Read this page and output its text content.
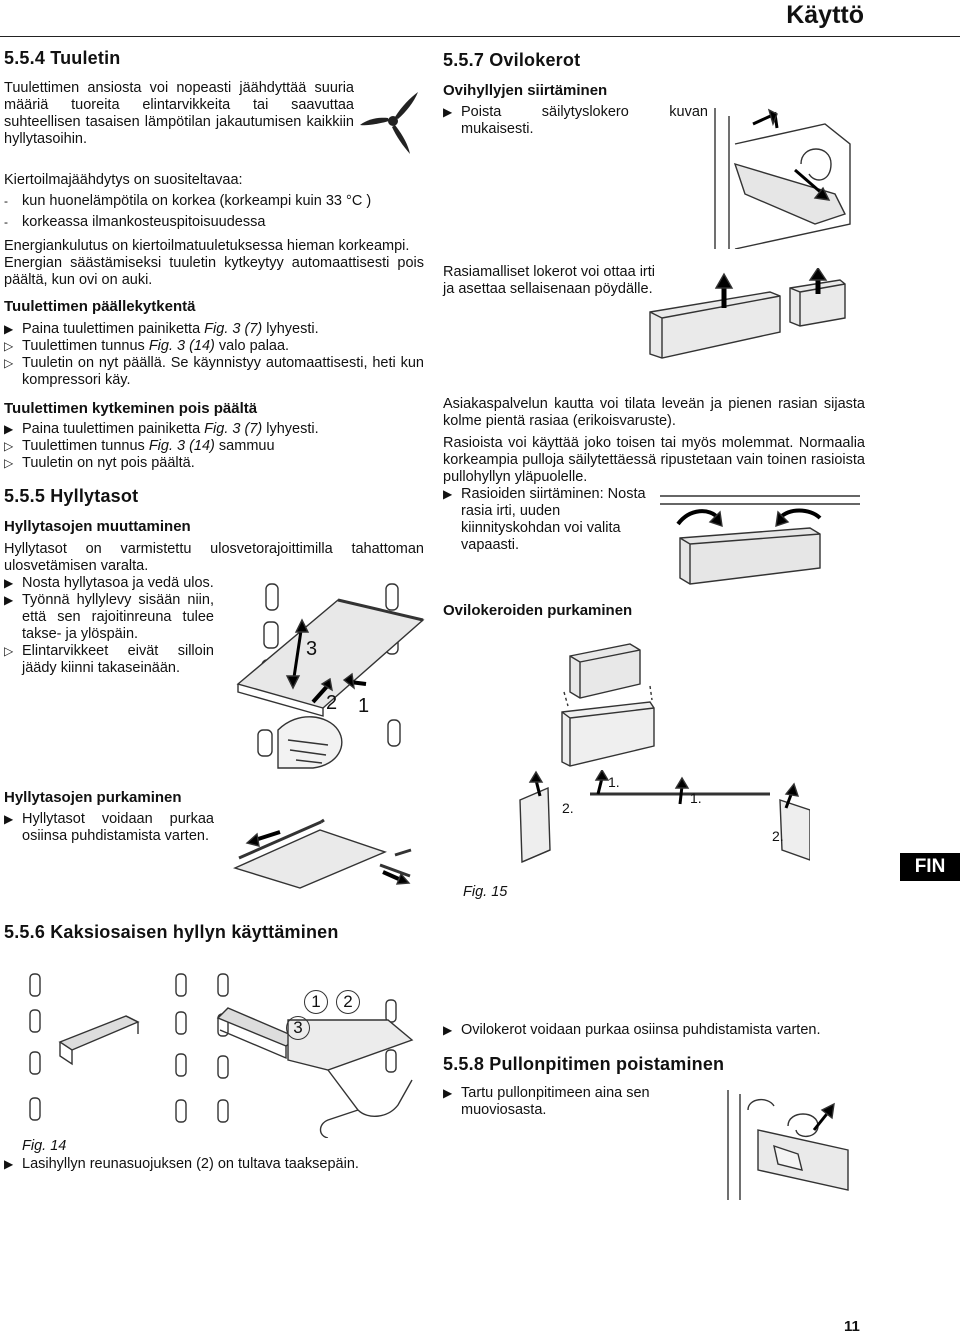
Käyttö
5.5.4 Tuuletin
Tuulettimen ansiosta voi nopeasti jäähdyttää suuria määriä tuoreita elintarvikkeita tai saavuttaa suhteellisen tasaisen lämpötilan jakautumisen kaikkiin hyllytasoihin.
Kiertoilmajäähdytys on suositeltavaa:
- kun huonelämpötila on korkea (korkeampi kuin 33 °C )
- korkeassa ilmankosteuspitoisuudessa
Energiankulutus on kiertoilmatuuletuksessa hieman korkeampi.
Energian säästämiseksi tuuletin kytkeytyy automaattisesti pois päältä, kun ovi on auki.
Tuulettimen päällekytkentä
▶ Paina tuulettimen painiketta Fig. 3 (7) lyhyesti.
▷ Tuulettimen tunnus Fig. 3 (14) valo palaa.
▷ Tuuletin on nyt päällä. Se käynnistyy automaattisesti, heti kun kompressori käy.
Tuulettimen kytkeminen pois päältä
▶ Paina tuulettimen painiketta Fig. 3 (7) lyhyesti.
▷ Tuulettimen tunnus Fig. 3 (14) sammuu
▷ Tuuletin on nyt pois päältä.
5.5.5 Hyllytasot
Hyllytasojen muuttaminen
Hyllytasot on varmistettu ulosvetorajoittimilla tahattoman ulosvetämisen varalta.
▶ Nosta hyllytasoa ja vedä ulos.
▶ Työnnä hyllylevy sisään niin, että sen rajoitinreuna tulee takse- ja ylöspäin.
▷ Elintarvikkeet eivät silloin jäädy kiinni takaseinään.
3
2 1
Hyllytasojen purkaminen
▶ Hyllytasot voidaan purkaa osiinsa puhdistamista varten.
5.5.6 Kaksiosaisen hyllyn käyttäminen
1	2
3
Fig. 14
▶ Lasihyllyn reunasuojuksen (2) on tultava taaksepäin.
5.5.7 Ovilokerot
Ovihyllyjen siirtäminen
▶ Poista säilytyslokero kuvan mukaisesti.
Rasiamalliset lokerot voi ottaa irti ja asettaa sellaisenaan pöydälle.
Asiakaspalvelun kautta voi tilata leveän ja pienen rasian sijasta kolme pientä rasiaa (erikoisvaruste).
Rasioista voi käyttää joko toisen tai myös molemmat. Normaalia korkeampia pulloja säilytettäessä ripustetaan vain toinen rasioista pullohyllyn yläpuolelle.
▶ Rasioiden siirtäminen: Nosta rasia irti, uuden kiinnityskohdan voi valita vapaasti.
Ovilokeroiden purkaminen
1.
2.
1.
2.
Fig. 15
FIN
▶ Ovilokerot voidaan purkaa osiinsa puhdistamista varten.
5.5.8 Pullonpitimen poistaminen
▶ Tartu pullonpitimeen aina sen muoviosasta.
11
